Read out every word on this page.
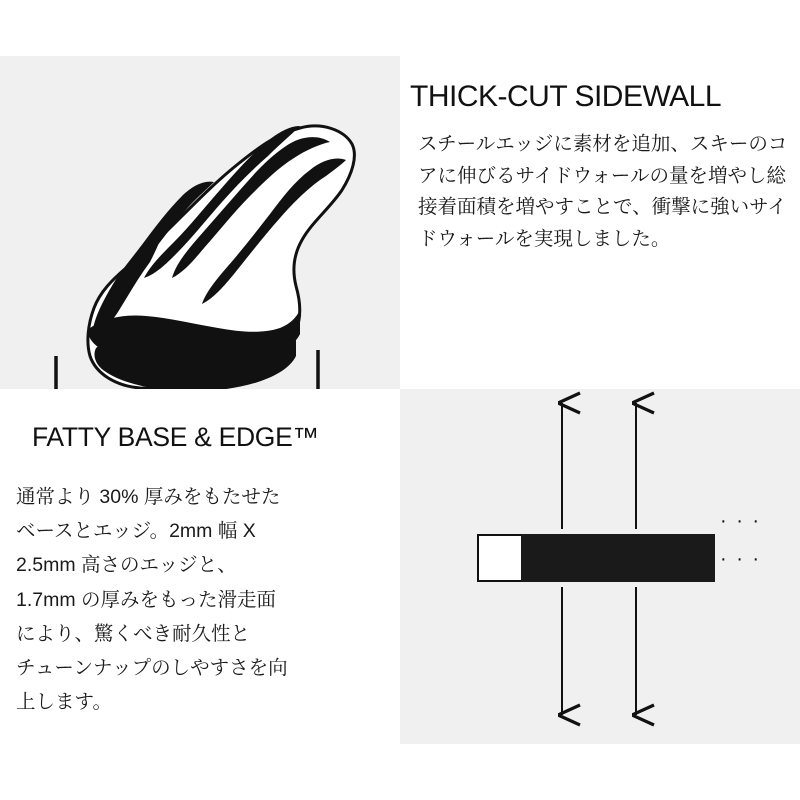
THICK-CUT SIDEWALL

スチールエッジに素材を追加、スキーのコアに伸びるサイドウォールの量を増やし総接着面積を増やすことで、衝撃に強いサイドウォールを実現しました。

FATTY BASE & EDGE™

通常より 30% 厚みをもたせた
ベースとエッジ。2mm 幅 X
2.5mm 高さのエッジと、
1.7mm の厚みをもった滑走面
により、驚くべき耐久性と
チューンナップのしやすさを向
上します。

· · ·
· · ·
